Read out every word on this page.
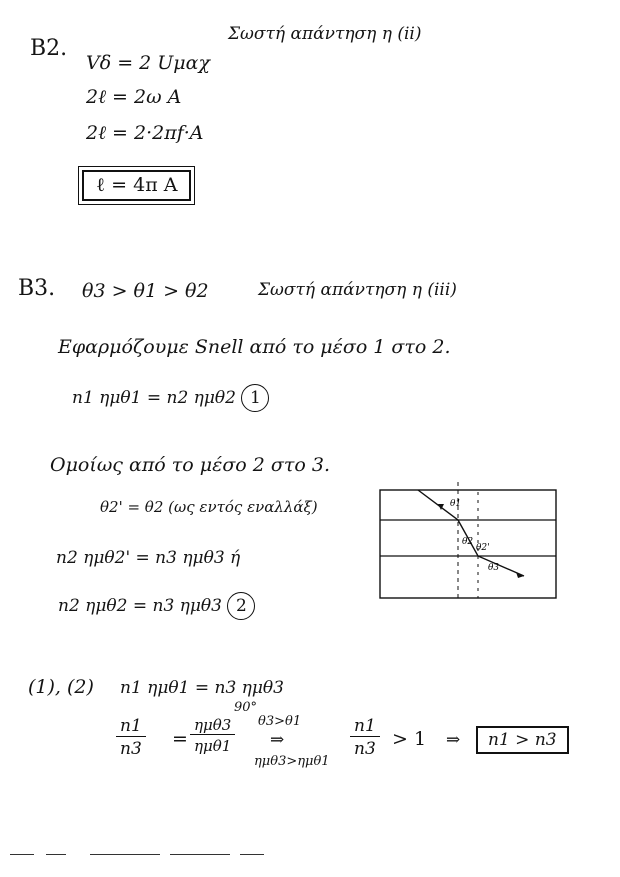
B2.
Σωστή απάντηση η (ii)
Vδ = 2 Uμαχ
2ℓ = 2ω A
2ℓ = 2·2πf·A
ℓ = 4π A
B3. θ3 > θ1 > θ2	Σωστή απάντηση η (iii)
Εφαρμόζουμε Snell από το μέσο 1 στο 2.
n1 ημθ1 = n2 ημθ2 1
Ομοίως από το μέσο 2 στο 3.
θ2' = θ2 (ως εντός εναλλάξ)
n2 ημθ2' = n3 ημθ3 ή
n2 ημθ2 = n3 ημθ3 2
θ1
θ2
θ2'
θ3
(1), (2) n1 ημθ1 = n3 ημθ3
$\frac{n1}{n3}$ =
ημθ3
ημθ1
90°
θ3>θ1
⇒
ημθ3>ημθ1
$\frac{n1}{n3} > 1$ ⇒	n1 > n3
